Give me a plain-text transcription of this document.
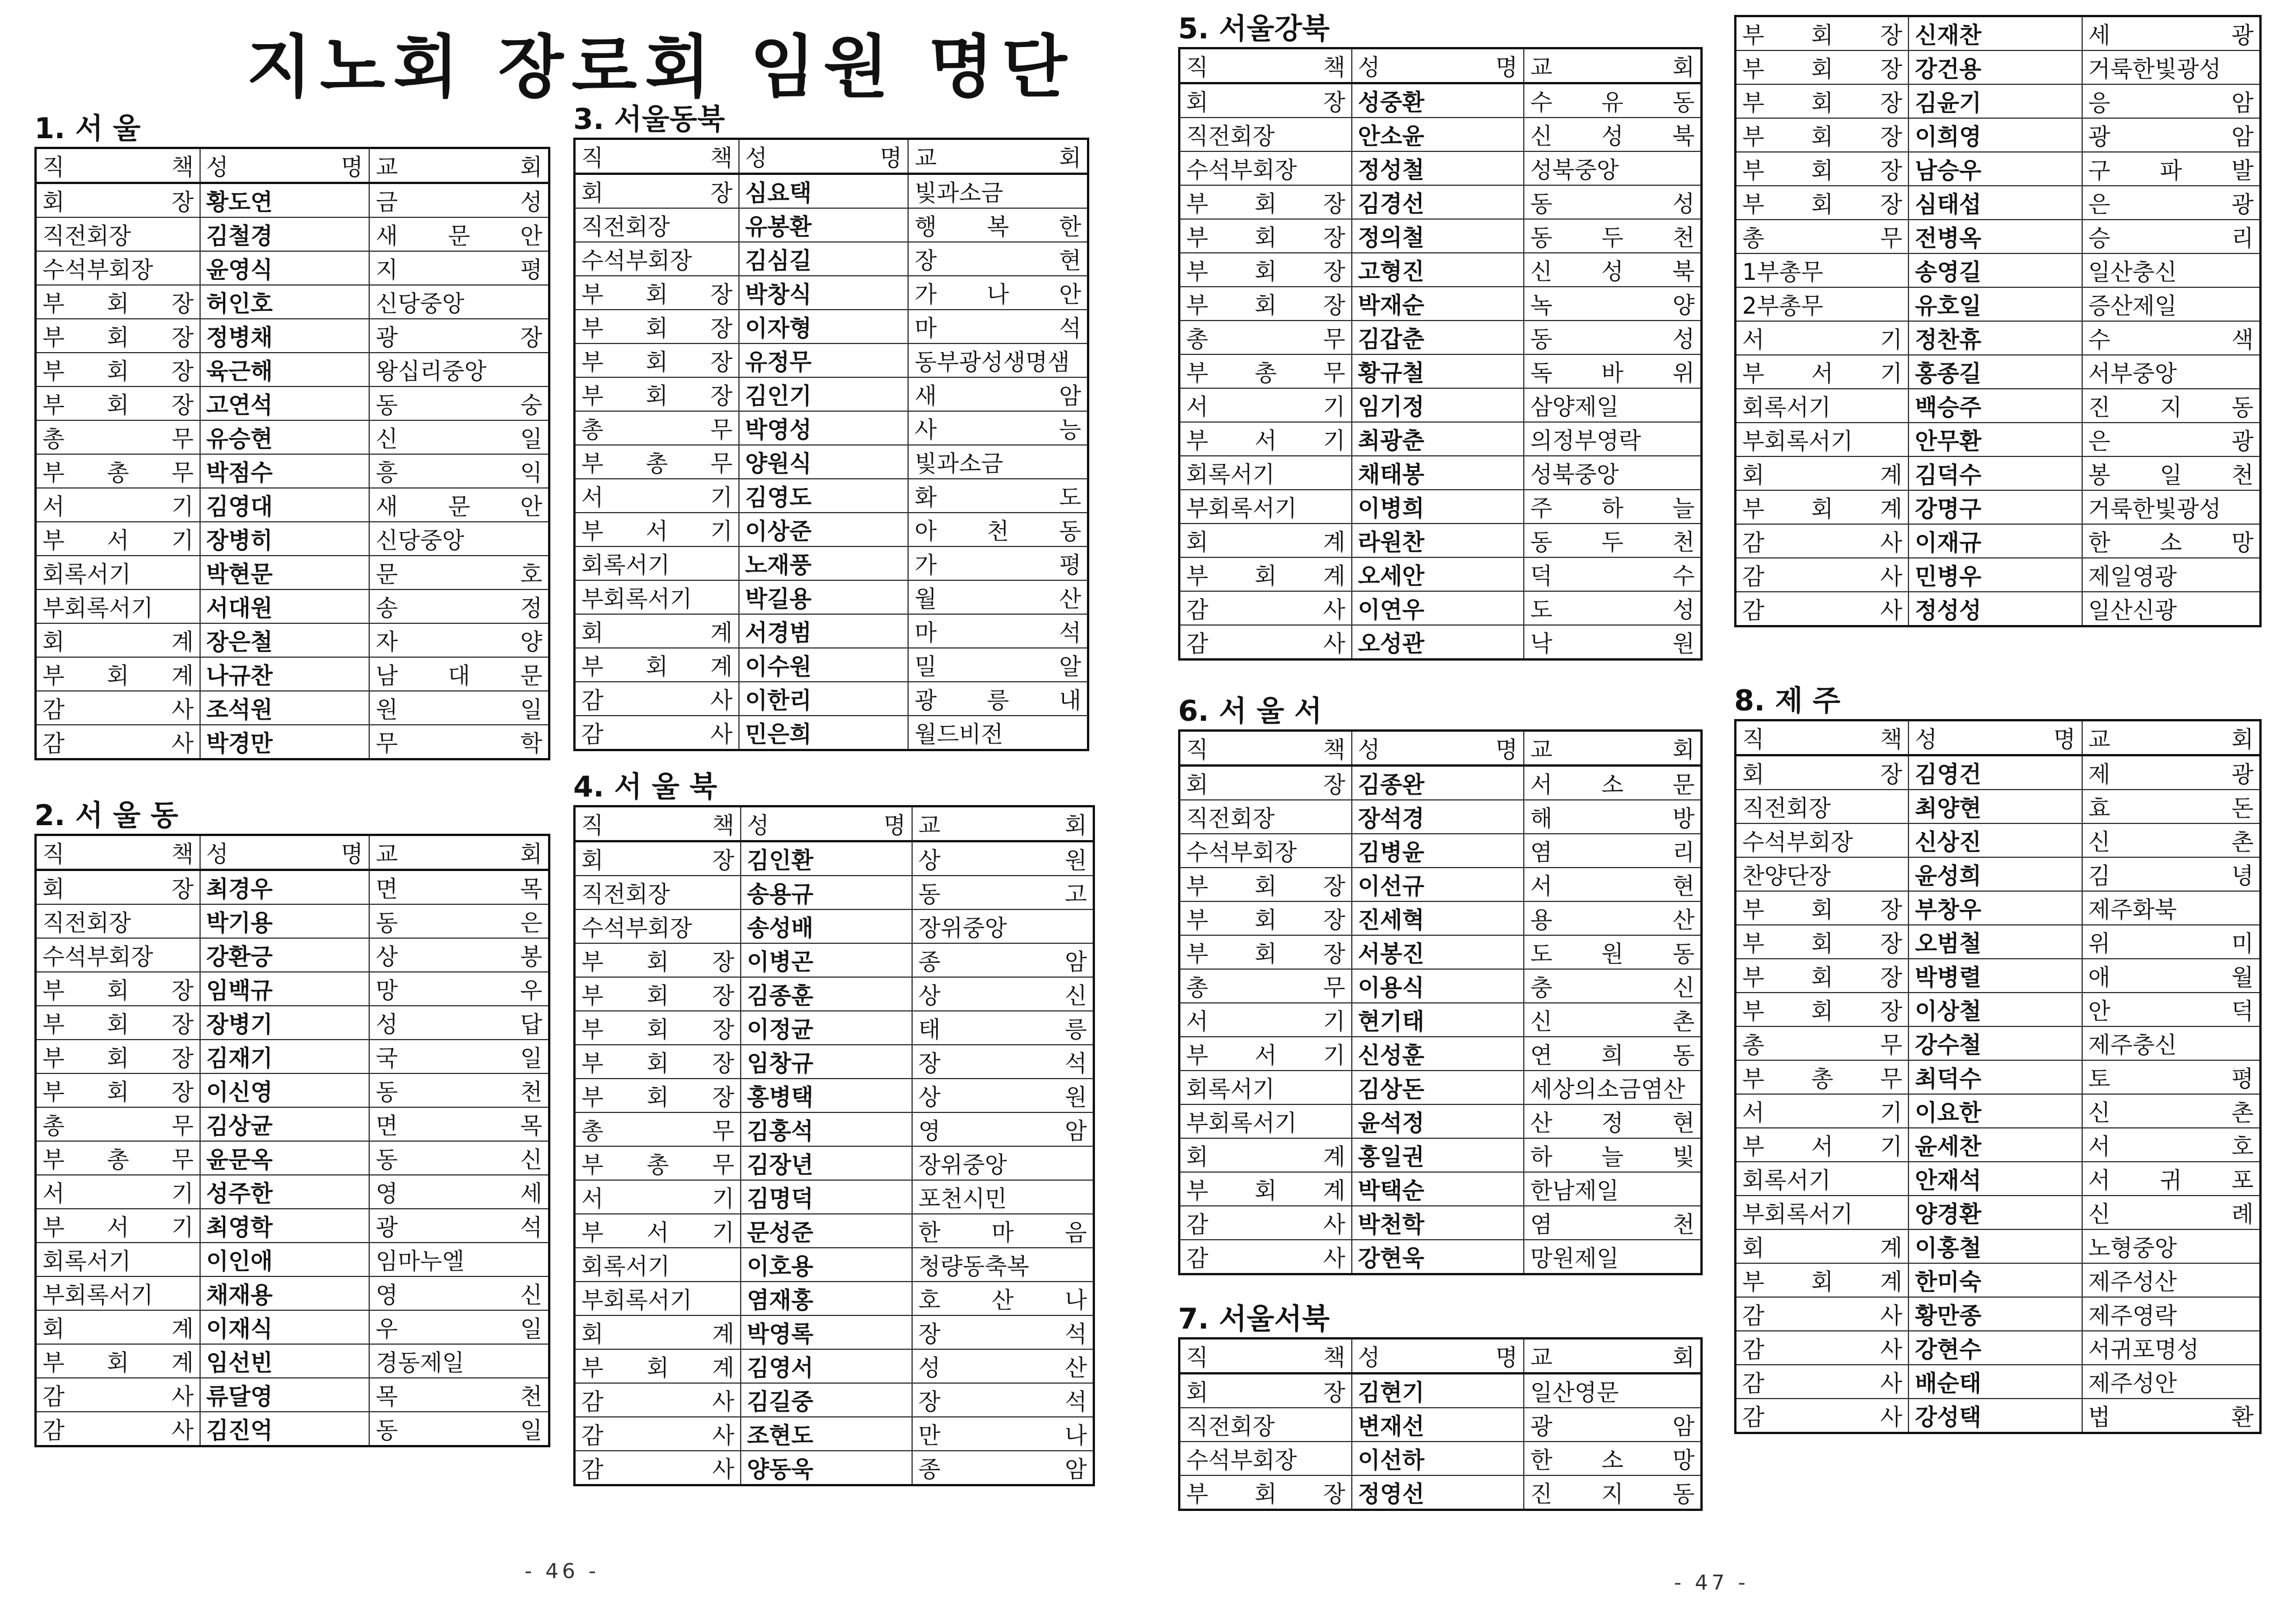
지노회 장로회 임원 명단
1. 서 울
직 책	성 명	교 회
회 장	황도연	금 성
직전회장	김철경	새 문 안
수석부회장	윤영식	지 평
부 회 장	허인호	신당중앙
부 회 장	정병채	광 장
부 회 장	육근해	왕십리중앙
부 회 장	고연석	동 숭
총 무	유승현	신 일
부 총 무	박점수	흥 익
서 기	김영대	새 문 안
부 서 기	장병히	신당중앙
회록서기	박현문	문 호
부회록서기	서대원	송 정
회 계	장은철	자 양
부 회 계	나규찬	남 대 문
감 사	조석원	원 일
감 사	박경만	무 학
2. 서 울 동
직 책	성 명	교 회
회 장	최경우	면 목
직전회장	박기용	동 은
수석부회장	강환긍	상 봉
부 회 장	임백규	망 우
부 회 장	장병기	성 답
부 회 장	김재기	국 일
부 회 장	이신영	동 천
총 무	김상균	면 목
부 총 무	윤문옥	동 신
서 기	성주한	영 세
부 서 기	최영학	광 석
회록서기	이인애	임마누엘
부회록서기	채재용	영 신
회 계	이재식	우 일
부 회 계	임선빈	경동제일
감 사	류달영	목 천
감 사	김진억	동 일
3. 서울동북
직 책	성 명	교 회
회 장	심요택	빛과소금
직전회장	유봉환	행 복 한
수석부회장	김심길	장 현
부 회 장	박창식	가 나 안
부 회 장	이자형	마 석
부 회 장	유정무	동부광성생명샘
부 회 장	김인기	새 암
총 무	박영성	사 능
부 총 무	양원식	빛과소금
서 기	김영도	화 도
부 서 기	이상준	아 천 동
회록서기	노재풍	가 평
부회록서기	박길용	월 산
회 계	서경범	마 석
부 회 계	이수원	밀 알
감 사	이한리	광 릉 내
감 사	민은희	월드비전
4. 서 울 북
직 책	성 명	교 회
회 장	김인환	상 원
직전회장	송용규	동 고
수석부회장	송성배	장위중앙
부 회 장	이병곤	종 암
부 회 장	김종훈	상 신
부 회 장	이정균	태 릉
부 회 장	임창규	장 석
부 회 장	홍병택	상 원
총 무	김홍석	영 암
부 총 무	김장년	장위중앙
서 기	김명덕	포천시민
부 서 기	문성준	한 마 음
회록서기	이호용	청량동축복
부회록서기	염재홍	호 산 나
회 계	박영록	장 석
부 회 계	김영서	성 산
감 사	김길중	장 석
감 사	조현도	만 나
감 사	양동욱	종 암
5. 서울강북
직 책	성 명	교 회
회 장	성중환	수 유 동
직전회장	안소윤	신 성 북
수석부회장	정성철	성북중앙
부 회 장	김경선	동 성
부 회 장	정의철	동 두 천
부 회 장	고형진	신 성 북
부 회 장	박재순	녹 양
총 무	김갑춘	동 성
부 총 무	황규철	독 바 위
서 기	임기정	삼양제일
부 서 기	최광춘	의정부영락
회록서기	채태봉	성북중앙
부회록서기	이병희	주 하 늘
회 계	라원찬	동 두 천
부 회 계	오세안	덕 수
감 사	이연우	도 성
감 사	오성관	낙 원
6. 서 울 서
직 책	성 명	교 회
회 장	김종완	서 소 문
직전회장	장석경	해 방
수석부회장	김병윤	염 리
부 회 장	이선규	서 현
부 회 장	진세혁	용 산
부 회 장	서봉진	도 원 동
총 무	이용식	충 신
서 기	현기태	신 촌
부 서 기	신성훈	연 희 동
회록서기	김상돈	세상의소금염산
부회록서기	윤석정	산 정 현
회 계	홍일권	하 늘 빛
부 회 계	박택순	한남제일
감 사	박천학	염 천
감 사	강현욱	망원제일
7. 서울서북
직 책	성 명	교 회
회 장	김현기	일산영문
직전회장	변재선	광 암
수석부회장	이선하	한 소 망
부 회 장	정영선	진 지 동
부 회 장	신재찬	세 광
부 회 장	강건용	거룩한빛광성
부 회 장	김윤기	응 암
부 회 장	이희영	광 암
부 회 장	남승우	구 파 발
부 회 장	심태섭	은 광
총 무	전병옥	승 리
1부총무	송영길	일산충신
2부총무	유호일	증산제일
서 기	정찬휴	수 색
부 서 기	홍종길	서부중앙
회록서기	백승주	진 지 동
부회록서기	안무환	은 광
회 계	김덕수	봉 일 천
부 회 계	강명구	거룩한빛광성
감 사	이재규	한 소 망
감 사	민병우	제일영광
감 사	정성성	일산신광
8. 제 주
직 책	성 명	교 회
회 장	김영건	제 광
직전회장	최양현	효 돈
수석부회장	신상진	신 촌
찬양단장	윤성희	김 녕
부 회 장	부창우	제주화북
부 회 장	오범철	위 미
부 회 장	박병렬	애 월
부 회 장	이상철	안 덕
총 무	강수철	제주충신
부 총 무	최덕수	토 평
서 기	이요한	신 촌
부 서 기	윤세찬	서 호
회록서기	안재석	서 귀 포
부회록서기	양경환	신 례
회 계	이홍철	노형중앙
부 회 계	한미숙	제주성산
감 사	황만종	제주영락
감 사	강현수	서귀포명성
감 사	배순태	제주성안
감 사	강성택	법 환
- 46 -	- 47 -
